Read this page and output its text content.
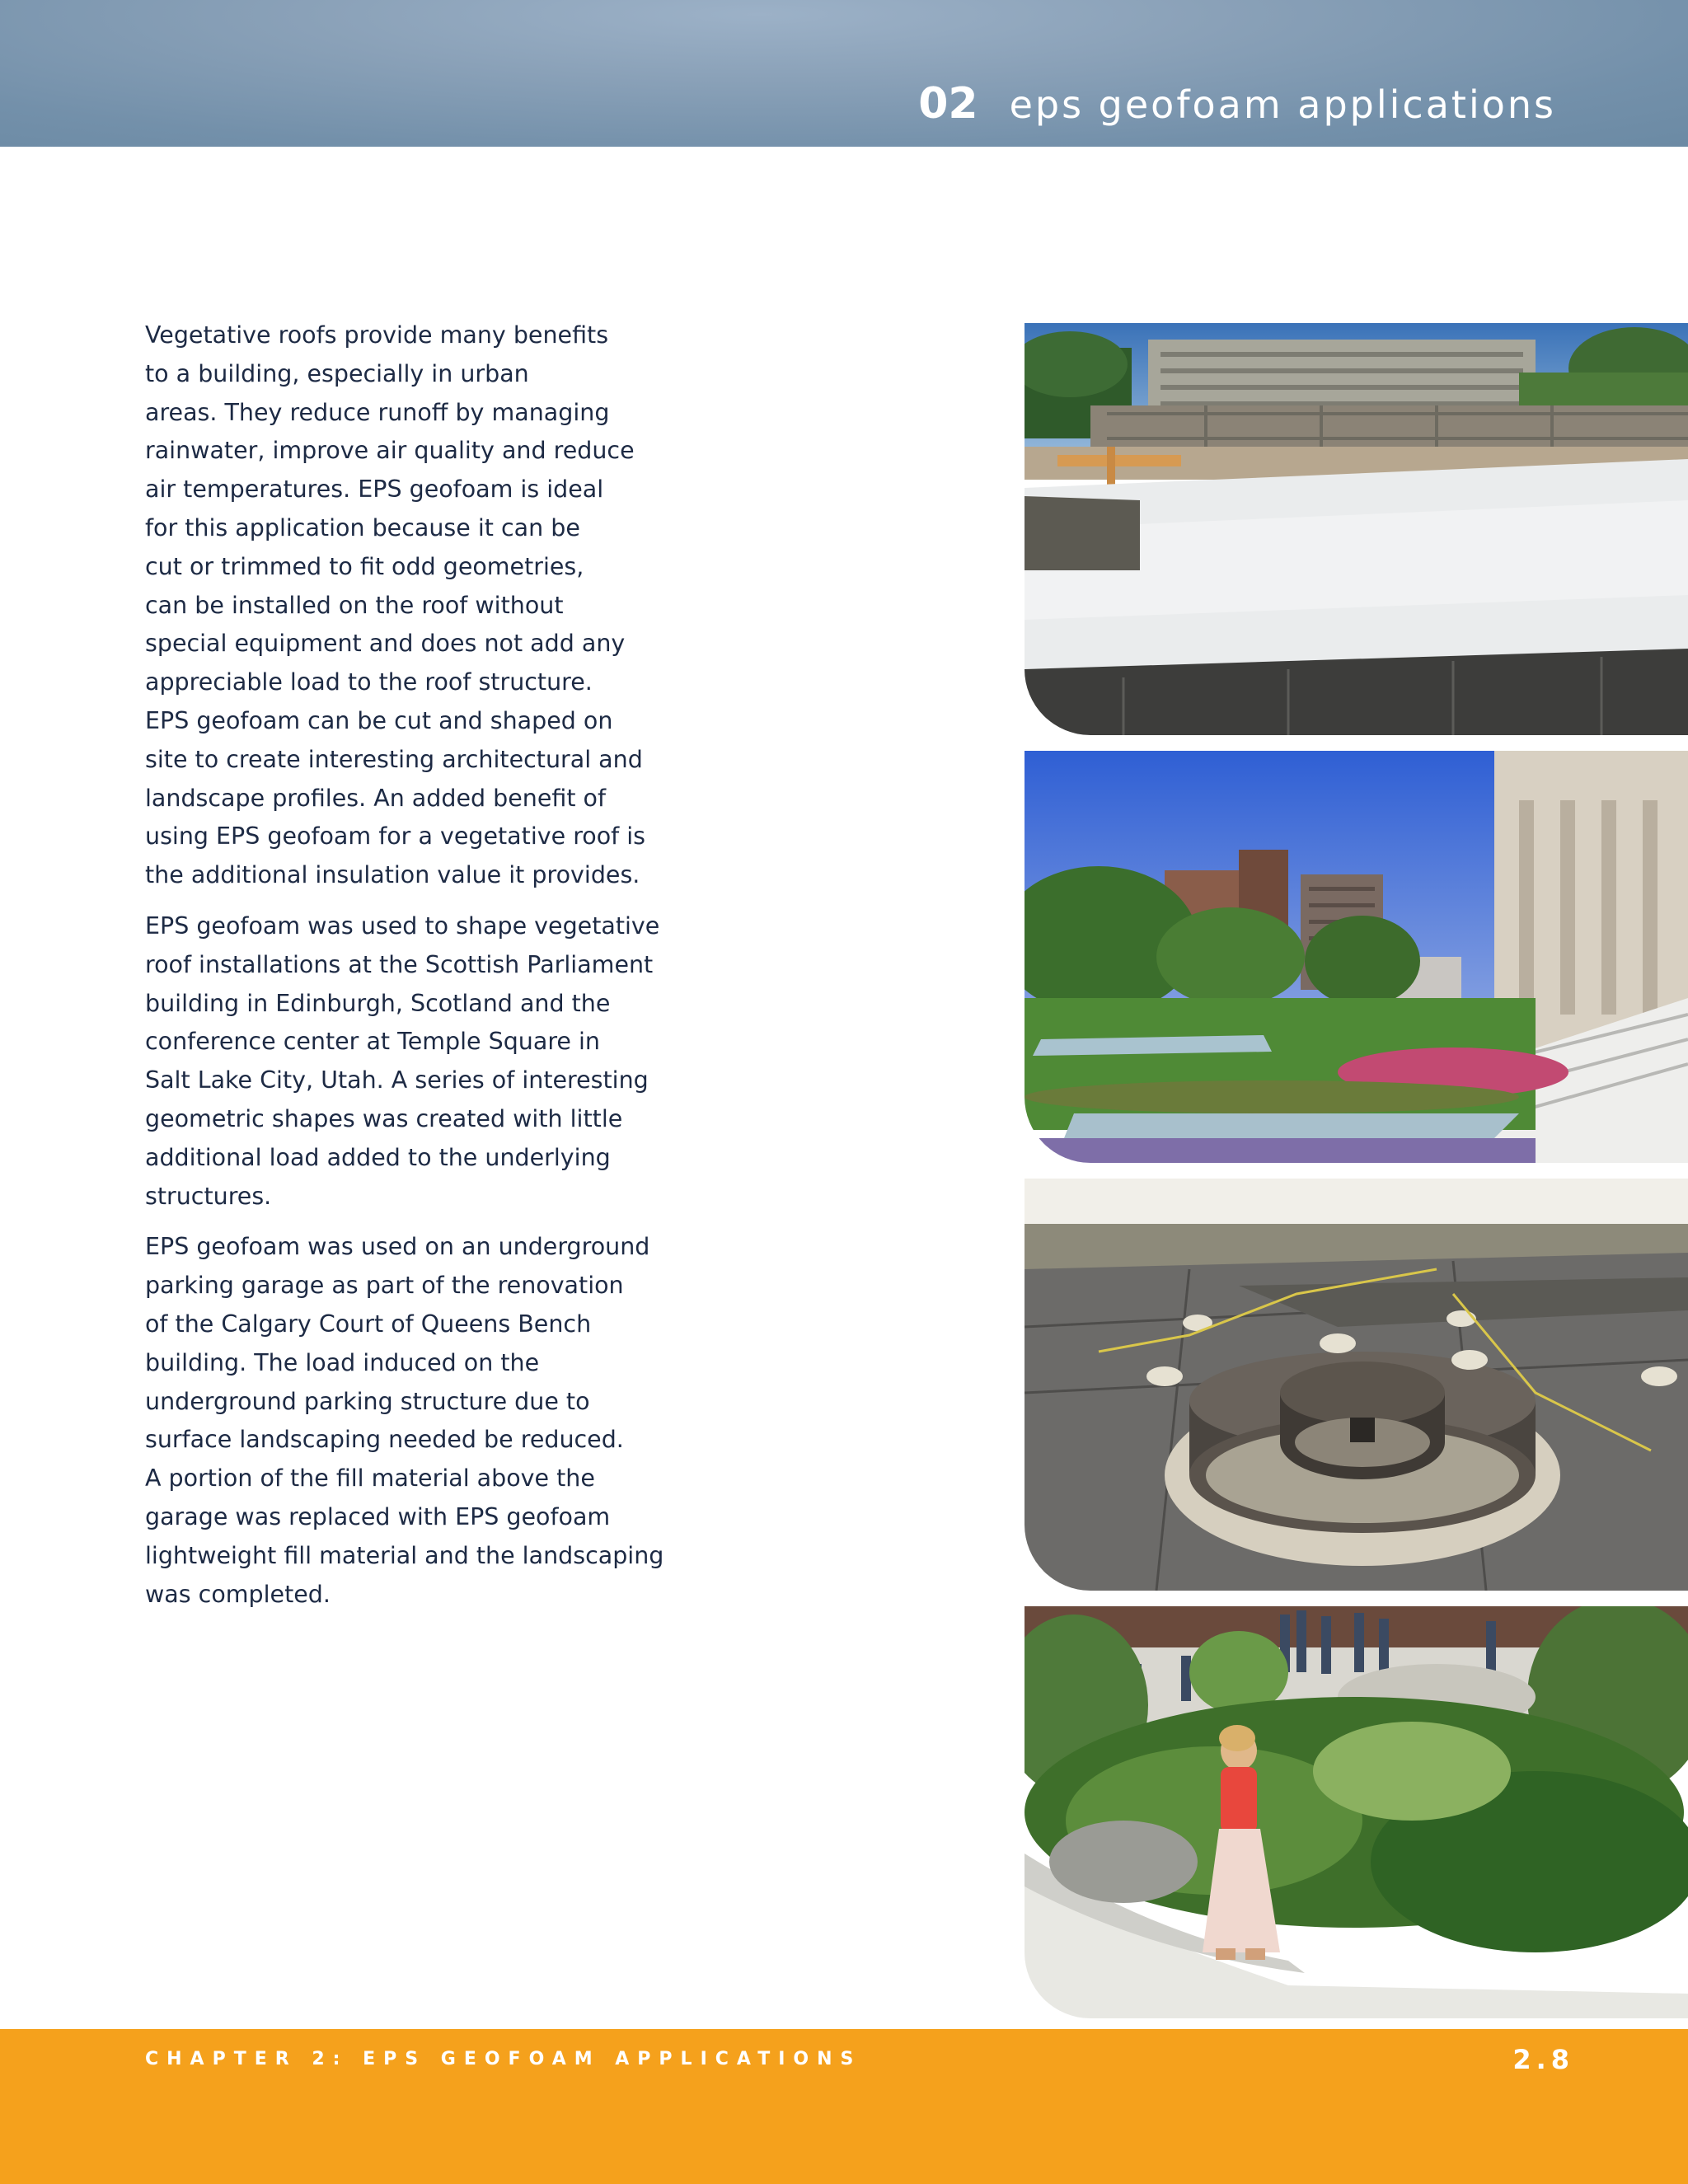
02 eps geofoam applications

Vegetative roofs provide many benefits
to a building, especially in urban
areas. They reduce runoff by managing
rainwater, improve air quality and reduce
air temperatures. EPS geofoam is ideal
for this application because it can be
cut or trimmed to fit odd geometries,
can be installed on the roof without
special equipment and does not add any
appreciable load to the roof structure.
EPS geofoam can be cut and shaped on
site to create interesting architectural and
landscape profiles. An added benefit of
using EPS geofoam for a vegetative roof is
the additional insulation value it provides.

EPS geofoam was used to shape vegetative
roof installations at the Scottish Parliament
building in Edinburgh, Scotland and the
conference center at Temple Square in
Salt Lake City, Utah. A series of interesting
geometric shapes was created with little
additional load added to the underlying
structures.

EPS geofoam was used on an underground
parking garage as part of the renovation
of the Calgary Court of Queens Bench
building. The load induced on the
underground parking structure due to
surface landscaping needed be reduced.
A portion of the fill material above the
garage was replaced with EPS geofoam
lightweight fill material and the landscaping
was completed.

CHAPTER 2: EPS GEOFOAM APPLICATIONS	2.8
